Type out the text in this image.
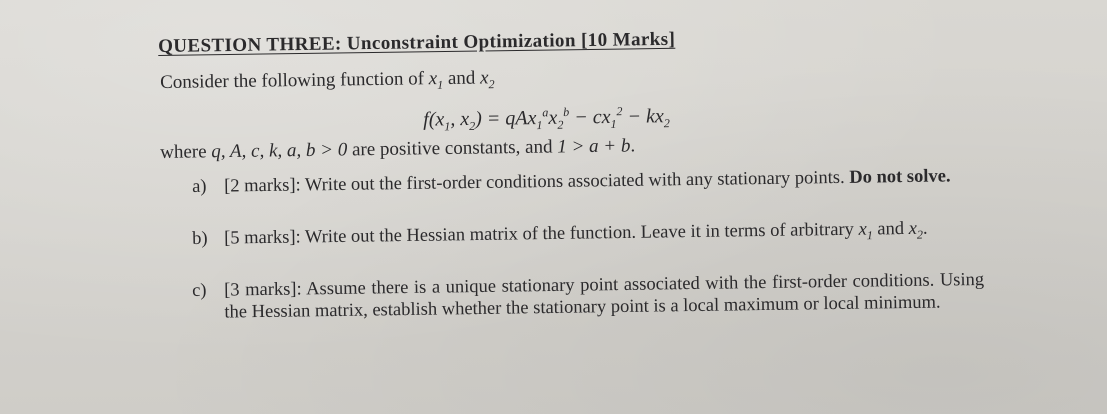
QUESTION THREE: Unconstraint Optimization [10 Marks]
Consider the following function of $x_1$ and $x_2$
$f(x_1$, $x_2) = qAx_1^ax_2^b - cx_1^2 - kx_2$
where q, A, c, k, a, b > 0 are positive constants, and 1 > a + b.
a) [2 marks]: Write out the first-order conditions associated with any stationary points. Do not solve.
b) [5 marks]: Write out the Hessian matrix of the function. Leave it in terms of arbitrary $x_1$ and $x_2$.
c) [3 marks]: Assume there is a unique stationary point associated with the first-order conditions. Using the Hessian matrix, establish whether the stationary point is a local maximum or local minimum.
